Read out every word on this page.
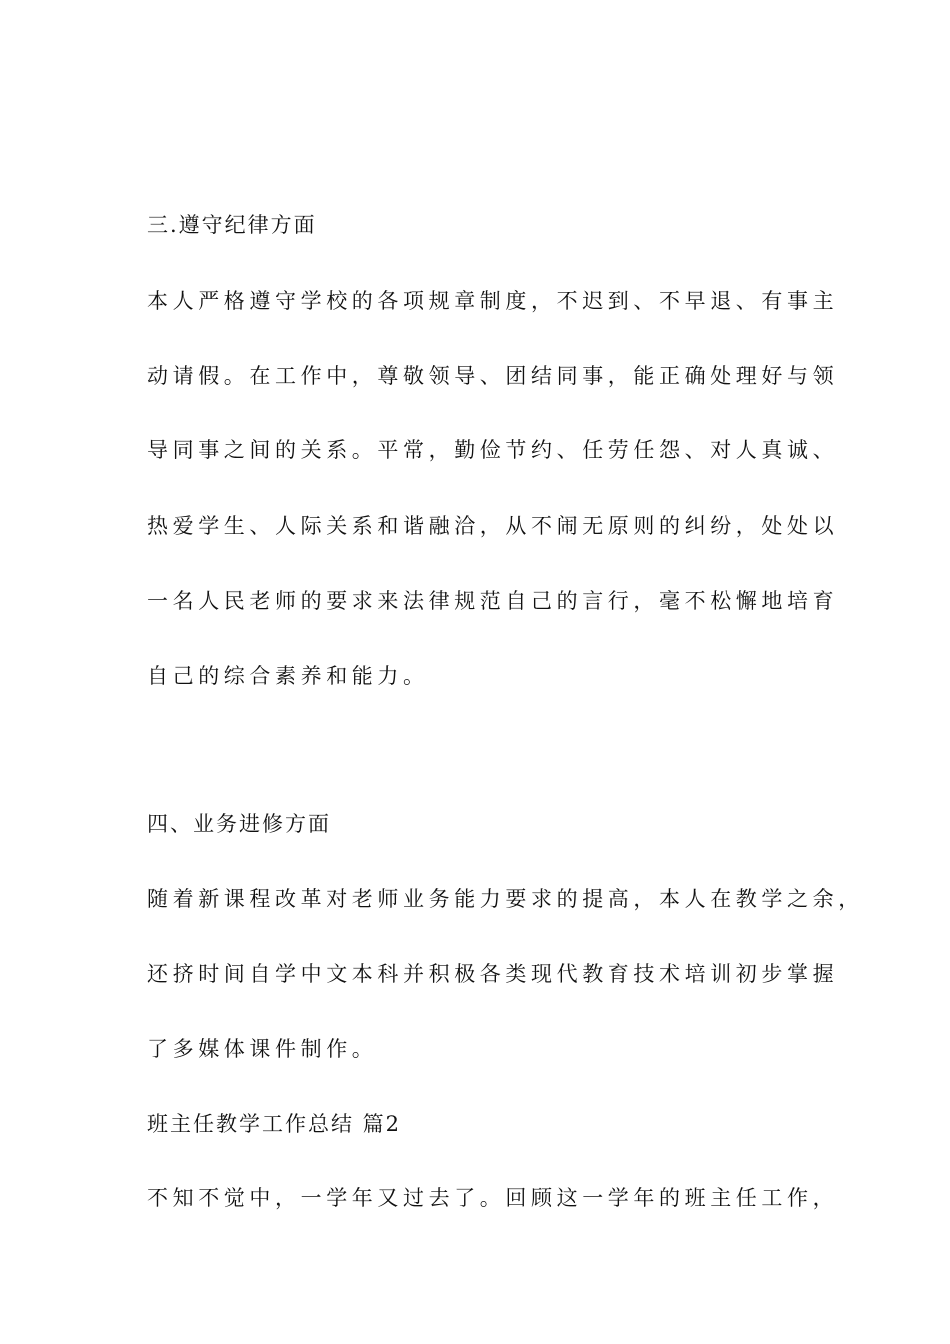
三.遵守纪律方面
本人严格遵守学校的各项规章制度，不迟到、不早退、有事主
动请假。在工作中，尊敬领导、团结同事，能正确处理好与领
导同事之间的关系。平常，勤俭节约、任劳任怨、对人真诚、
热爱学生、人际关系和谐融洽，从不闹无原则的纠纷，处处以
一名人民老师的要求来法律规范自己的言行，毫不松懈地培育
自己的综合素养和能力。
四、业务进修方面
随着新课程改革对老师业务能力要求的提高，本人在教学之余，
还挤时间自学中文本科并积极各类现代教育技术培训初步掌握
了多媒体课件制作。
班主任教学工作总结 篇2
不知不觉中，一学年又过去了。回顾这一学年的班主任工作，
